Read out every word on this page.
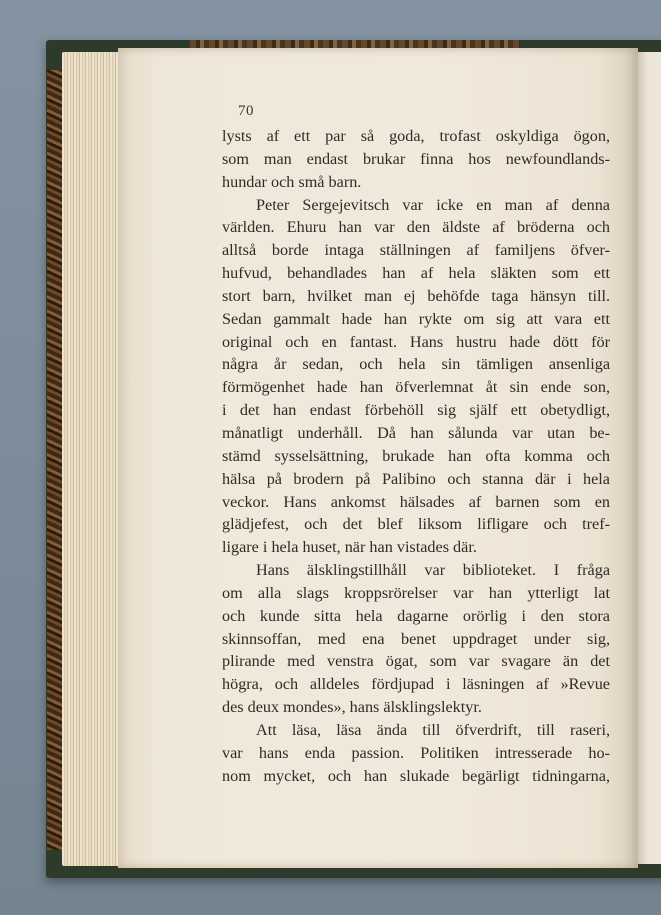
70
lysts af ett par så goda, trofast oskyldiga ögon,
som man endast brukar finna hos newfoundlands-
hundar och små barn.
Peter Sergejevitsch var icke en man af denna
världen. Ehuru han var den äldste af bröderna och
alltså borde intaga ställningen af familjens öfver-
hufvud, behandlades han af hela släkten som ett
stort barn, hvilket man ej behöfde taga hänsyn till.
Sedan gammalt hade han rykte om sig att vara ett
original och en fantast. Hans hustru hade dött för
några år sedan, och hela sin tämligen ansenliga
förmögenhet hade han öfverlemnat åt sin ende son,
i det han endast förbehöll sig själf ett obetydligt,
månatligt underhåll. Då han sålunda var utan be-
stämd sysselsättning, brukade han ofta komma och
hälsa på brodern på Palibino och stanna där i hela
veckor. Hans ankomst hälsades af barnen som en
glädjefest, och det blef liksom lifligare och tref-
ligare i hela huset, när han vistades där.
Hans älsklingstillhåll var biblioteket. I fråga
om alla slags kroppsrörelser var han ytterligt lat
och kunde sitta hela dagarne orörlig i den stora
skinnsoffan, med ena benet uppdraget under sig,
plirande med venstra ögat, som var svagare än det
högra, och alldeles fördjupad i läsningen af »Revue
des deux mondes», hans älsklingslektyr.
Att läsa, läsa ända till öfverdrift, till raseri,
var hans enda passion. Politiken intresserade ho-
nom mycket, och han slukade begärligt tidningarna,
